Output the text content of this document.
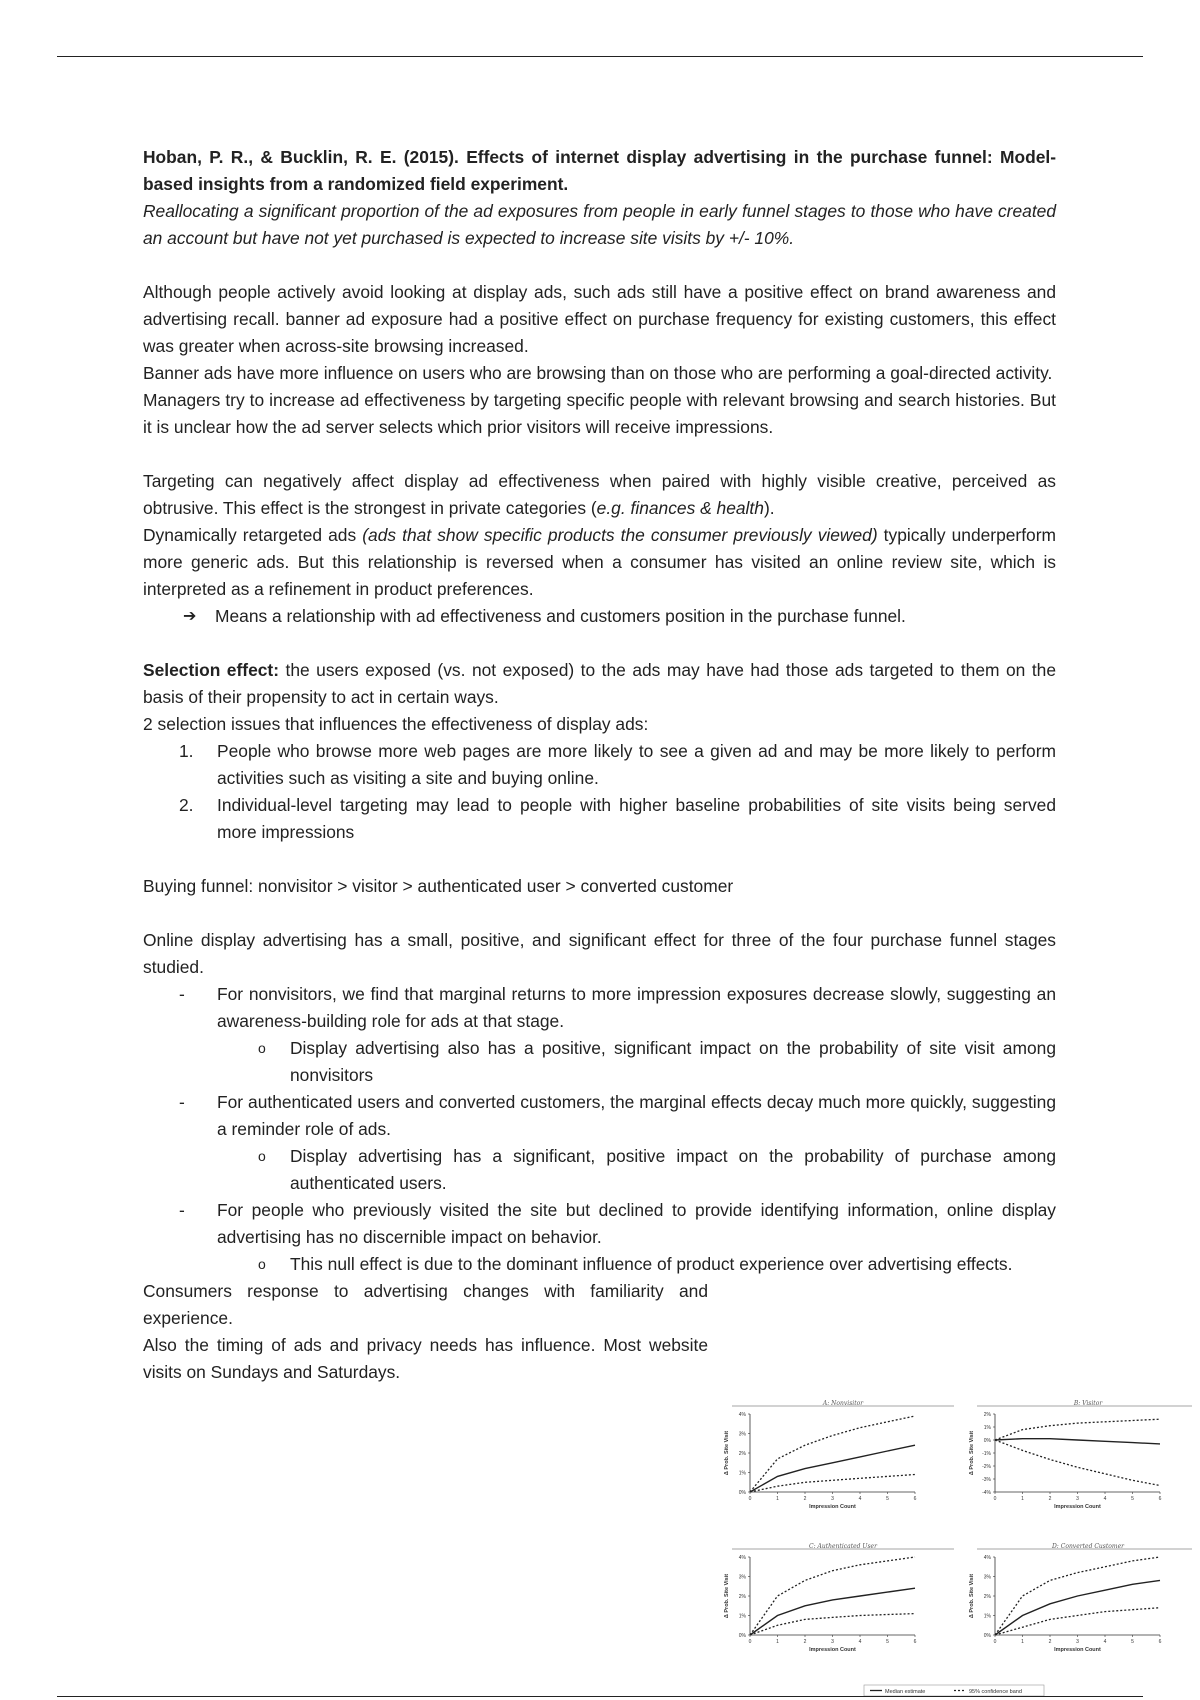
Hoban, P. R., & Bucklin, R. E. (2015). Effects of internet display advertising in the purchase funnel: Model-based insights from a randomized field experiment.

Reallocating a significant proportion of the ad exposures from people in early funnel stages to those who have created an account but have not yet purchased is expected to increase site visits by +/- 10%.

Although people actively avoid looking at display ads, such ads still have a positive effect on brand awareness and advertising recall. banner ad exposure had a positive effect on purchase frequency for existing customers, this effect was greater when across-site browsing increased.

Banner ads have more influence on users who are browsing than on those who are performing a goal-directed activity.

Managers try to increase ad effectiveness by targeting specific people with relevant browsing and search histories. But it is unclear how the ad server selects which prior visitors will receive impressions.

Targeting can negatively affect display ad effectiveness when paired with highly visible creative, perceived as obtrusive. This effect is the strongest in private categories (e.g. finances & health).

Dynamically retargeted ads (ads that show specific products the consumer previously viewed) typically underperform more generic ads. But this relationship is reversed when a consumer has visited an online review site, which is interpreted as a refinement in product preferences.

➔	Means a relationship with ad effectiveness and customers position in the purchase funnel.

Selection effect: the users exposed (vs. not exposed) to the ads may have had those ads targeted to them on the basis of their propensity to act in certain ways.

2 selection issues that influences the effectiveness of display ads:

1. People who browse more web pages are more likely to see a given ad and may be more likely to perform activities such as visiting a site and buying online.
2. Individual-level targeting may lead to people with higher baseline probabilities of site visits being served more impressions

Buying funnel: nonvisitor > visitor > authenticated user > converted customer

Online display advertising has a small, positive, and significant effect for three of the four purchase funnel stages studied.

- For nonvisitors, we find that marginal returns to more impression exposures decrease slowly, suggesting an awareness-building role for ads at that stage.

o Display advertising also has a positive, significant impact on the probability of site visit among nonvisitors
- For authenticated users and converted customers, the marginal effects decay much more quickly, suggesting a reminder role of ads.

o Display advertising has a significant, positive impact on the probability of purchase among authenticated users.
- For people who previously visited the site but declined to provide identifying information, online display advertising has no discernible impact on behavior.

o This null effect is due to the dominant influence of product experience over advertising effects.

Consumers response to advertising changes with familiarity and experience.

Also the timing of ads and privacy needs has influence. Most website visits on Sundays and Saturdays.

A: Nonvisitor
0	1	2	3	4	5	6
0%
1%
2%
3%
4%
Impression Count
Δ Prob. Site Visit
B: Visitor
0	1	2	3	4	5	6
-4%
-3%
-2%
-1%
0%
1%
2%
Impression Count
Δ Prob. Site Visit
C: Authenticated User
0	1	2	3	4	5	6
0%
1%
2%
3%
4%
Impression Count
Δ Prob. Site Visit
D: Converted Customer
0	1	2	3	4	5	6
0%
1%
2%
3%
4%
Impression Count
Δ Prob. Site Visit
Median estimate	95% confidence band
